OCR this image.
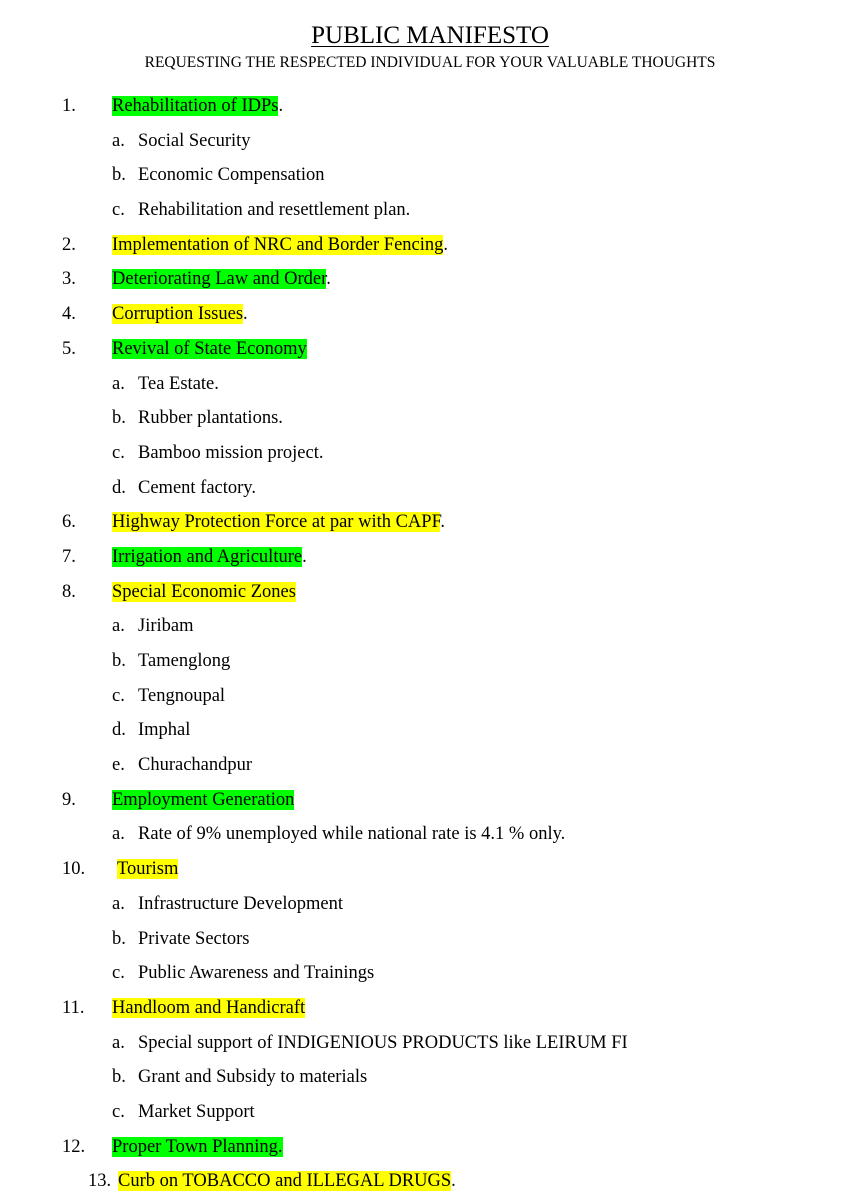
PUBLIC MANIFESTO
REQUESTING THE RESPECTED INDIVIDUAL FOR YOUR VALUABLE THOUGHTS
1. Rehabilitation of IDPs.
a. Social Security
b. Economic Compensation
c. Rehabilitation and resettlement plan.
2. Implementation of NRC and Border Fencing.
3. Deteriorating Law and Order.
4. Corruption Issues.
5. Revival of State Economy
a. Tea Estate.
b. Rubber plantations.
c. Bamboo mission project.
d. Cement factory.
6. Highway Protection Force at par with CAPF.
7. Irrigation and Agriculture.
8. Special Economic Zones
a. Jiribam
b. Tamenglong
c. Tengnoupal
d. Imphal
e. Churachandpur
9. Employment Generation
a. Rate of 9% unemployed while national rate is 4.1 % only.
10. Tourism
a. Infrastructure Development
b. Private Sectors
c. Public Awareness and Trainings
11. Handloom and Handicraft
a. Special support of INDIGENIOUS PRODUCTS like LEIRUM FI
b. Grant and Subsidy to materials
c. Market Support
12. Proper Town Planning.
13. Curb on TOBACCO and ILLEGAL DRUGS.
